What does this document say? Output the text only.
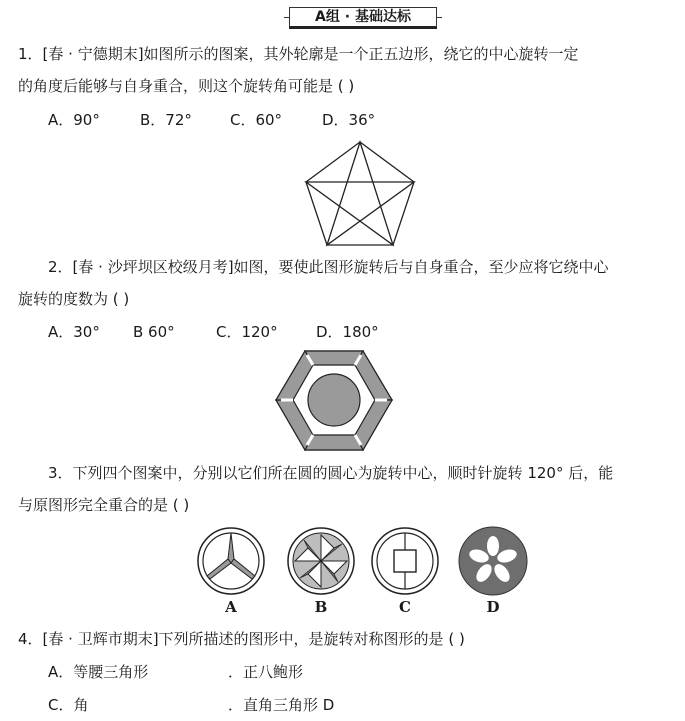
A组 · 基础达标
1．[春 · 宁德期末]如图所示的图案，其外轮廓是一个正五边形，绕它的中心旋转一定
的角度后能够与自身重合，则这个旋转角可能是 ( )
A．90°	B．72°	C．60°	D．36°
2．[春 · 沙坪坝区校级月考]如图，要使此图形旋转后与自身重合，至少应将它绕中心
旋转的度数为 ( )
A．30° B 60°	C．120°	D．180°
3．下列四个图案中，分别以它们所在圆的圆心为旋转中心，顺时针旋转 120° 后，能
与原图形完全重合的是 ( )
A	B	C	D
4．[春 · 卫辉市期末]下列所描述的图形中，是旋转对称图形的是 ( )
A．等腰三角形	．正八鲍形
C．角	．直角三角形 D
